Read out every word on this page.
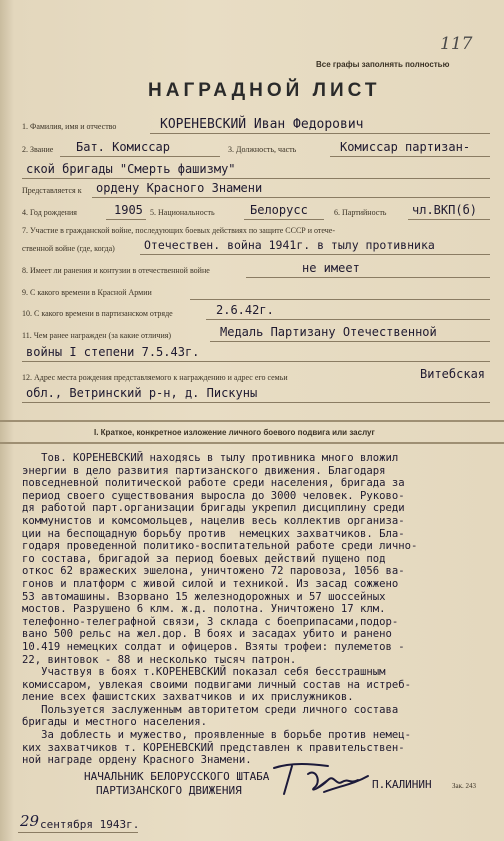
117
Все графы заполнять полностью
НАГРАДНОЙ ЛИСТ
1. Фамилия, имя и отчество	КОРЕНЕВСКИЙ Иван Федорович
2. Звание Бат. Комиссар	3. Должность, часть	Комиссар партизан-
ской бригады "Смерть фашизму"
Представляется к ордену Красного Знамени
4. Год рождения	1905 5. Национальность	Белорусс	6. Партийность чл.ВКП(б)
7. Участие в гражданской войне, последующих боевых действиях по защите СССР и отече-
ственной войне (где, когда)	Отечествен. война 1941г. в тылу противника
8. Имеет ли ранения и контузии в отечественной войне	не имеет
9. С какого времени в Красной Армии
10. С какого времени в партизанском отряде	2.6.42г.
11. Чем ранее награжден (за какие отличия)	Медаль Партизану Отечественной
войны I степени 7.5.43г.
12. Адрес места рождения представляемого к награждению и адрес его семьи	Витебская
обл., Ветринский р-н, д. Пискуны
I. Краткое, конкретное изложение личного боевого подвига или заслуг
Тов. КОРЕНЕВСКИЙ находясь в тылу противника много вложил
энергии в дело развития партизанского движения. Благодаря
повседневной политической работе среди населения, бригада за
период своего существования выросла до 3000 человек. Руково-
дя работой парт.организации бригады укрепил дисциплину среди
коммунистов и комсомольцев, нацелив весь коллектив организа-
ции на беспощадную борьбу против  немецких захватчиков. Бла-
годаря проведенной политико-воспитательной работе среди лично-
го состава, бригадой за период боевых действий пущено под
откос 62 вражеских эшелона, уничтожено 72 паровоза, 1056 ва-
гонов и платформ с живой силой и техникой. Из засад сожжено
53 автомашины. Взорвано 15 железнодорожных и 57 шоссейных
мостов. Разрушено 6 клм. ж.д. полотна. Уничтожено 17 клм.
телефонно-телеграфной связи, 3 склада с боеприпасами,подор-
вано 500 рельс на жел.дор. В боях и засадах убито и ранено
10.419 немецких солдат и офицеров. Взяты трофеи: пулеметов -
22, винтовок - 88 и несколько тысяч патрон.
Участвуя в боях т.КОРЕНЕВСКИЙ показал себя бесстрашным
комиссаром, увлекая своими подвигами личный состав на истреб-
ление всех фашистских захватчиков и их прислужников.
Пользуется заслуженным авторитетом среди личного состава
бригады и местного населения.
За доблесть и мужество, проявленные в борьбе против немец-
ких захватчиков т. КОРЕНЕВСКИЙ представлен к правительствен-
ной награде ордену Красного Знамени.
НАЧАЛЬНИК БЕЛОРУССКОГО ШТАБА
ПАРТИЗАНСКОГО ДВИЖЕНИЯ	П.КАЛИНИН	Зак. 243
29 сентября 1943г.
